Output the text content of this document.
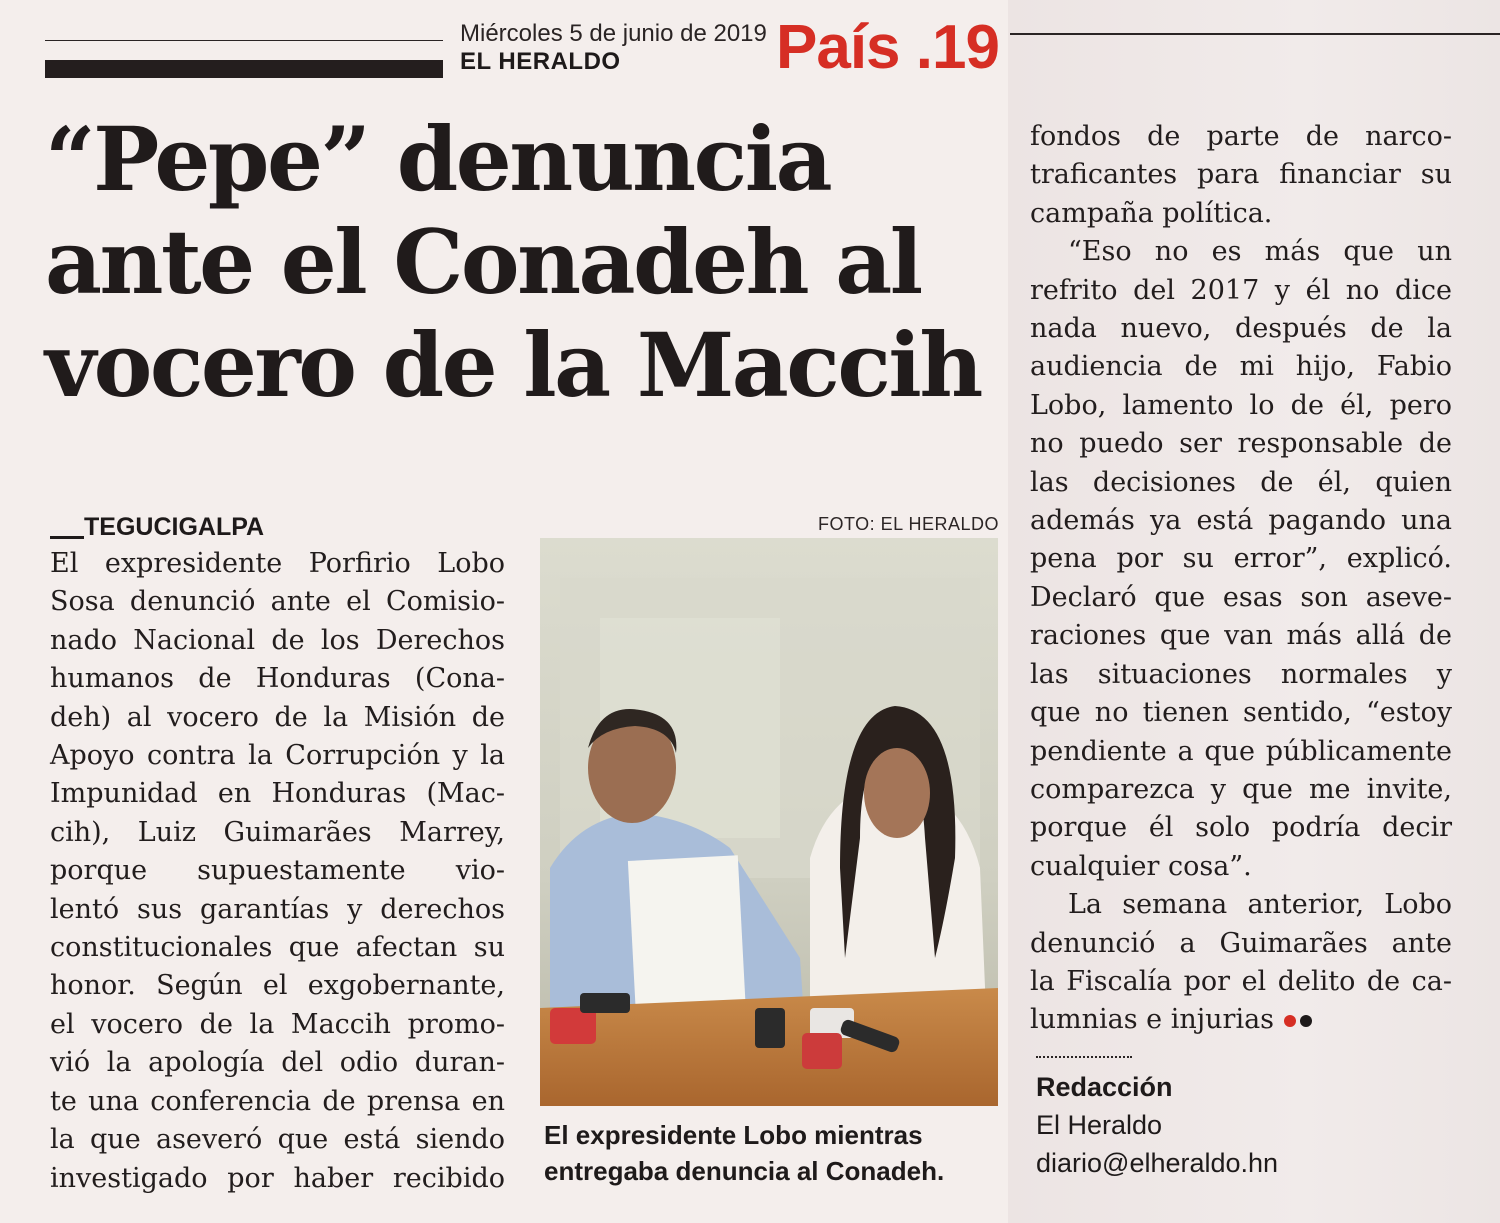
Miércoles 5 de junio de 2019
EL HERALDO	País .19
“Pepe” denuncia
ante el Conadeh al
vocero de la Maccih
TEGUCIGALPA
El expresidente Porfirio Lobo
Sosa denunció ante el Comisio-
nado Nacional de los Derechos
humanos de Honduras (Cona-
deh) al vocero de la Misión de
Apoyo contra la Corrupción y la
Impunidad en Honduras (Mac-
cih), Luiz Guimarães Marrey,
porque supuestamente vio-
lentó sus garantías y derechos
constitucionales que afectan su
honor. Según el exgobernante,
el vocero de la Maccih promo-
vió la apología del odio duran-
te una conferencia de prensa en
la que aseveró que está siendo
investigado por haber recibido
FOTO: EL HERALDO
El expresidente Lobo mientras
entregaba denuncia al Conadeh.
fondos de parte de narco-
traficantes para financiar su
campaña política.
“Eso no es más que un
refrito del 2017 y él no dice
nada nuevo, después de la
audiencia de mi hijo, Fabio
Lobo, lamento lo de él, pero
no puedo ser responsable de
las decisiones de él, quien
además ya está pagando una
pena por su error”, explicó.
Declaró que esas son aseve-
raciones que van más allá de
las situaciones normales y
que no tienen sentido, “estoy
pendiente a que públicamente
comparezca y que me invite,
porque él solo podría decir
cualquier cosa”.
La semana anterior, Lobo
denunció a Guimarães ante
la Fiscalía por el delito de ca-
lumnias e injurias
Redacción
El Heraldo
diario@elheraldo.hn
